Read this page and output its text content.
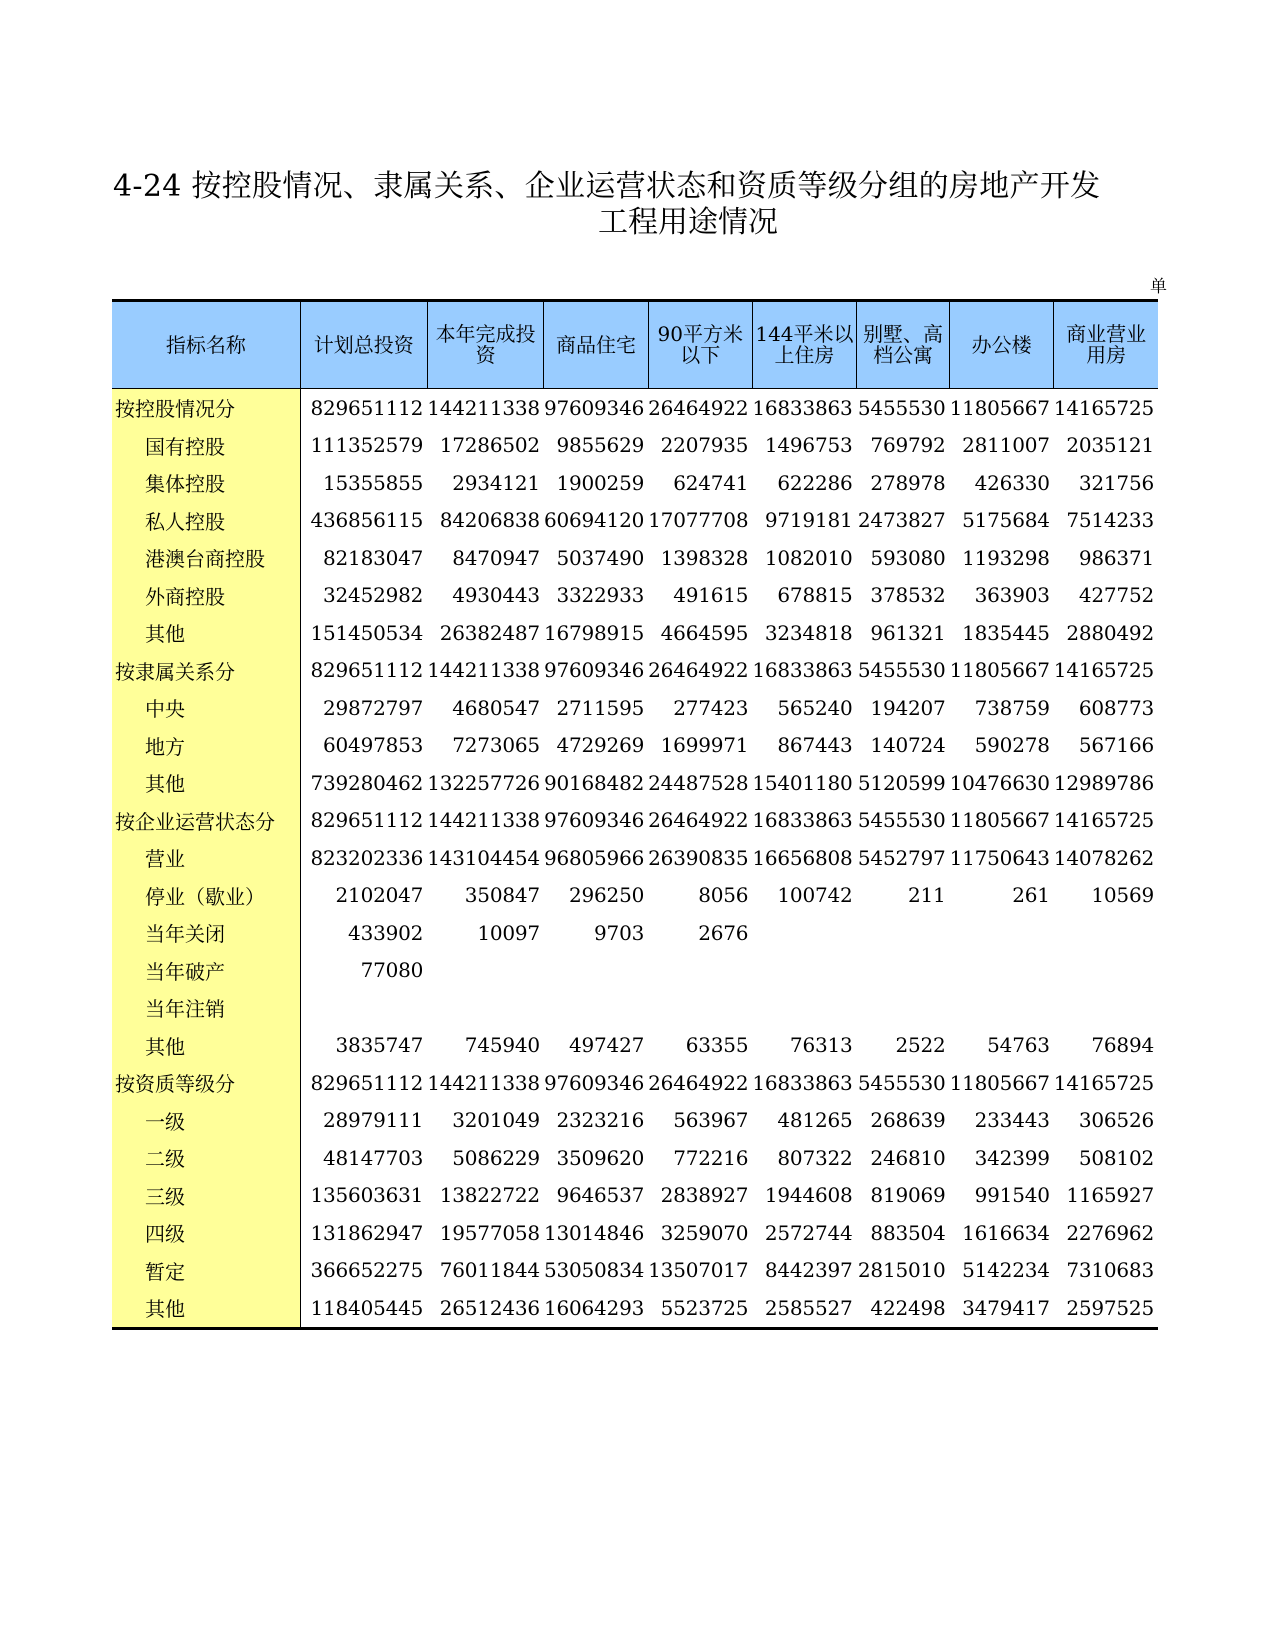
4-24 按控股情况、隶属关系、企业运营状态和资质等级分组的房地产开发
工程用途情况
单
指标名称	计划总投资	本年完成投资	商品住宅	90平方米以下	144平米以上住房	别墅、高档公寓	办公楼	商业营业用房
按控股情况分	829651112	144211338	97609346	26464922	16833863	5455530	11805667	14165725
国有控股	111352579	17286502	9855629	2207935	1496753	769792	2811007	2035121
集体控股	15355855	2934121	1900259	624741	622286	278978	426330	321756
私人控股	436856115	84206838	60694120	17077708	9719181	2473827	5175684	7514233
港澳台商控股	82183047	8470947	5037490	1398328	1082010	593080	1193298	986371
外商控股	32452982	4930443	3322933	491615	678815	378532	363903	427752
其他	151450534	26382487	16798915	4664595	3234818	961321	1835445	2880492
按隶属关系分	829651112	144211338	97609346	26464922	16833863	5455530	11805667	14165725
中央	29872797	4680547	2711595	277423	565240	194207	738759	608773
地方	60497853	7273065	4729269	1699971	867443	140724	590278	567166
其他	739280462	132257726	90168482	24487528	15401180	5120599	10476630	12989786
按企业运营状态分	829651112	144211338	97609346	26464922	16833863	5455530	11805667	14165725
营业	823202336	143104454	96805966	26390835	16656808	5452797	11750643	14078262
停业（歇业）	2102047	350847	296250	8056	100742	211	261	10569
当年关闭	433902	10097	9703	2676				
当年破产	77080							
当年注销								
其他	3835747	745940	497427	63355	76313	2522	54763	76894
按资质等级分	829651112	144211338	97609346	26464922	16833863	5455530	11805667	14165725
一级	28979111	3201049	2323216	563967	481265	268639	233443	306526
二级	48147703	5086229	3509620	772216	807322	246810	342399	508102
三级	135603631	13822722	9646537	2838927	1944608	819069	991540	1165927
四级	131862947	19577058	13014846	3259070	2572744	883504	1616634	2276962
暂定	366652275	76011844	53050834	13507017	8442397	2815010	5142234	7310683
其他	118405445	26512436	16064293	5523725	2585527	422498	3479417	2597525
